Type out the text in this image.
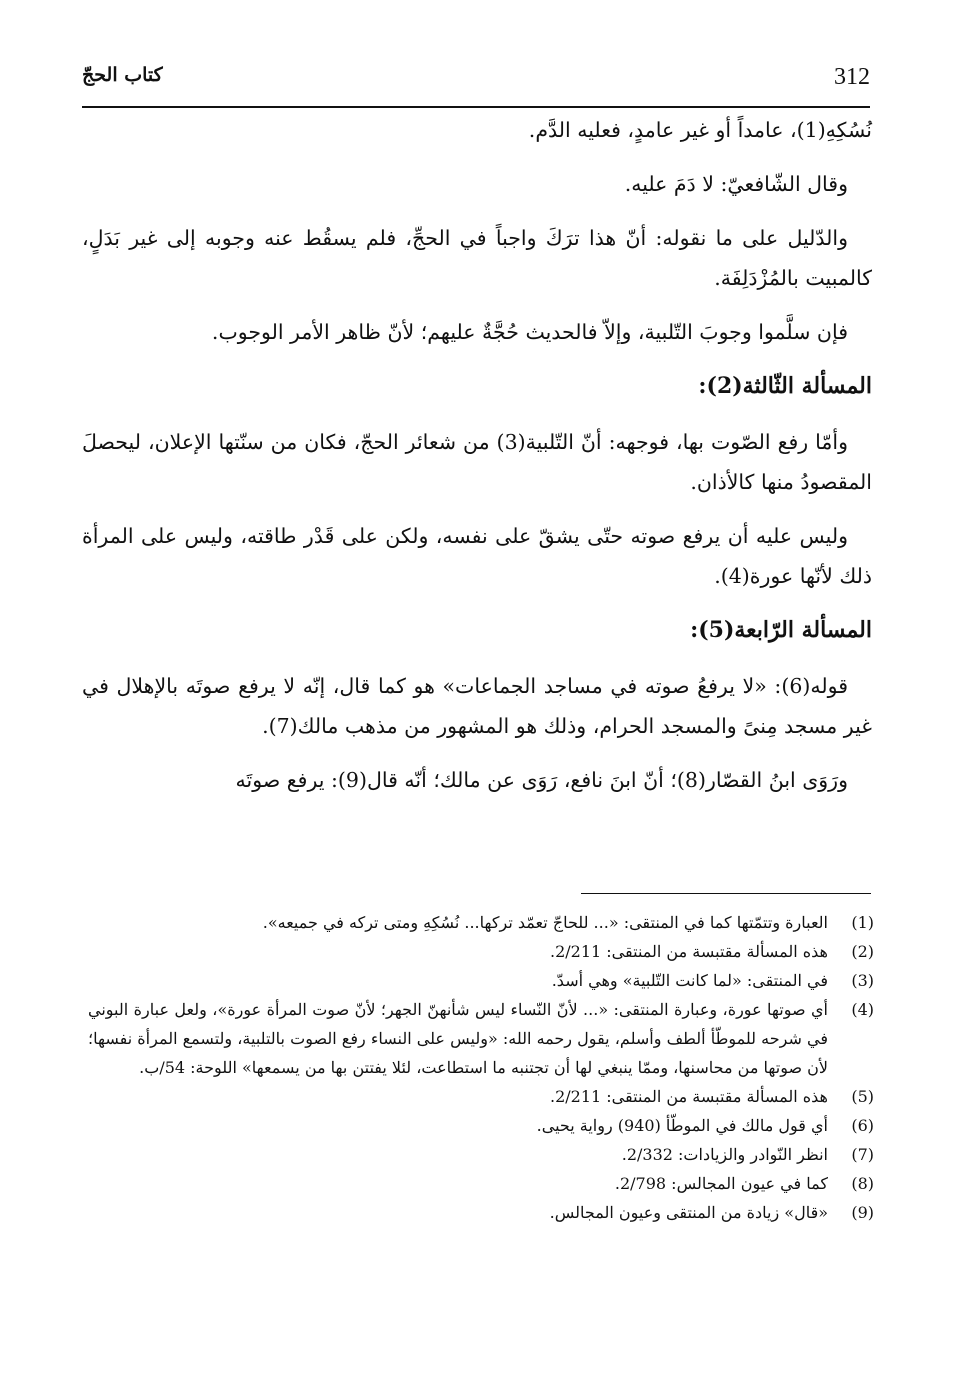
312
كتاب الحجّ

نُسُكِهِ(1)، عامداً أو غير عامدٍ، فعليه الدَّم.

وقال الشّافعيّ: لا دَمَ عليه.

والدّليل على ما نقوله: أنّ هذا ترَكَ واجباً في الحجِّ، فلم يسقُط عنه وجوبه إلى غير بَدَلٍ، كالمبيت بالمُزْدَلِفَة.

فإن سلَّموا وجوبَ التّلبية، وإلاّ فالحديث حُجَّةٌ عليهم؛ لأنّ ظاهر الأمر الوجوب.

المسألة الثّالثة(2):

وأمّا رفع الصّوت بها، فوجهه: أنّ التّلبية(3) من شعائر الحجّ، فكان من سنّتها الإعلان، ليحصلَ المقصودُ منها كالأذان.

وليس عليه أن يرفع صوته حتّى يشقّ على نفسه، ولكن على قَدْر طاقته، وليس على المرأة ذلك لأنّها عورة(4).

المسألة الرّابعة(5):

قوله(6): «لا يرفعُ صوته في مساجد الجماعات» هو كما قال، إنّه لا يرفع صوتَه بالإهلال في غير مسجد مِنىً والمسجد الحرام، وذلك هو المشهور من مذهب مالك(7).

ورَوَى ابنُ القصّار(8)؛ أنّ ابنَ نافع، رَوَى عن مالك؛ أنّه قال(9): يرفع صوتَه

(1)
العبارة وتتمّتها كما في المنتقى: «... للحاجّ تعمّد تركها... نُسُكِهِ ومتى تركه في جميعه».
(2)
هذه المسألة مقتبسة من المنتقى: 2/211.
(3)
في المنتقى: «لما كانت التّلبية» وهي أسدّ.
(4)
أي صوتها عورة، وعبارة المنتقى: «... لأنّ النّساء ليس شأنهنّ الجهر؛ لأنّ صوت المرأة عورة»، ولعل عبارة البوني في شرحه للموطّأ ألطف وأسلم، يقول رحمه الله: «وليس على النساء رفع الصوت بالتلبية، ولتسمع المرأة نفسها؛ لأن صوتها من محاسنها، وممّا ينبغي لها أن تجتنبه ما استطاعت، لئلا يفتتن بها من يسمعها» اللوحة: 54/ب.
(5)
هذه المسألة مقتبسة من المنتقى: 2/211.
(6)
أي قول مالك في الموطّأ (940) رواية يحيى.
(7)
انظر النّوادر والزيادات: 2/332.
(8)
كما في عيون المجالس: 2/798.
(9)
«قال» زيادة من المنتقى وعيون المجالس.
